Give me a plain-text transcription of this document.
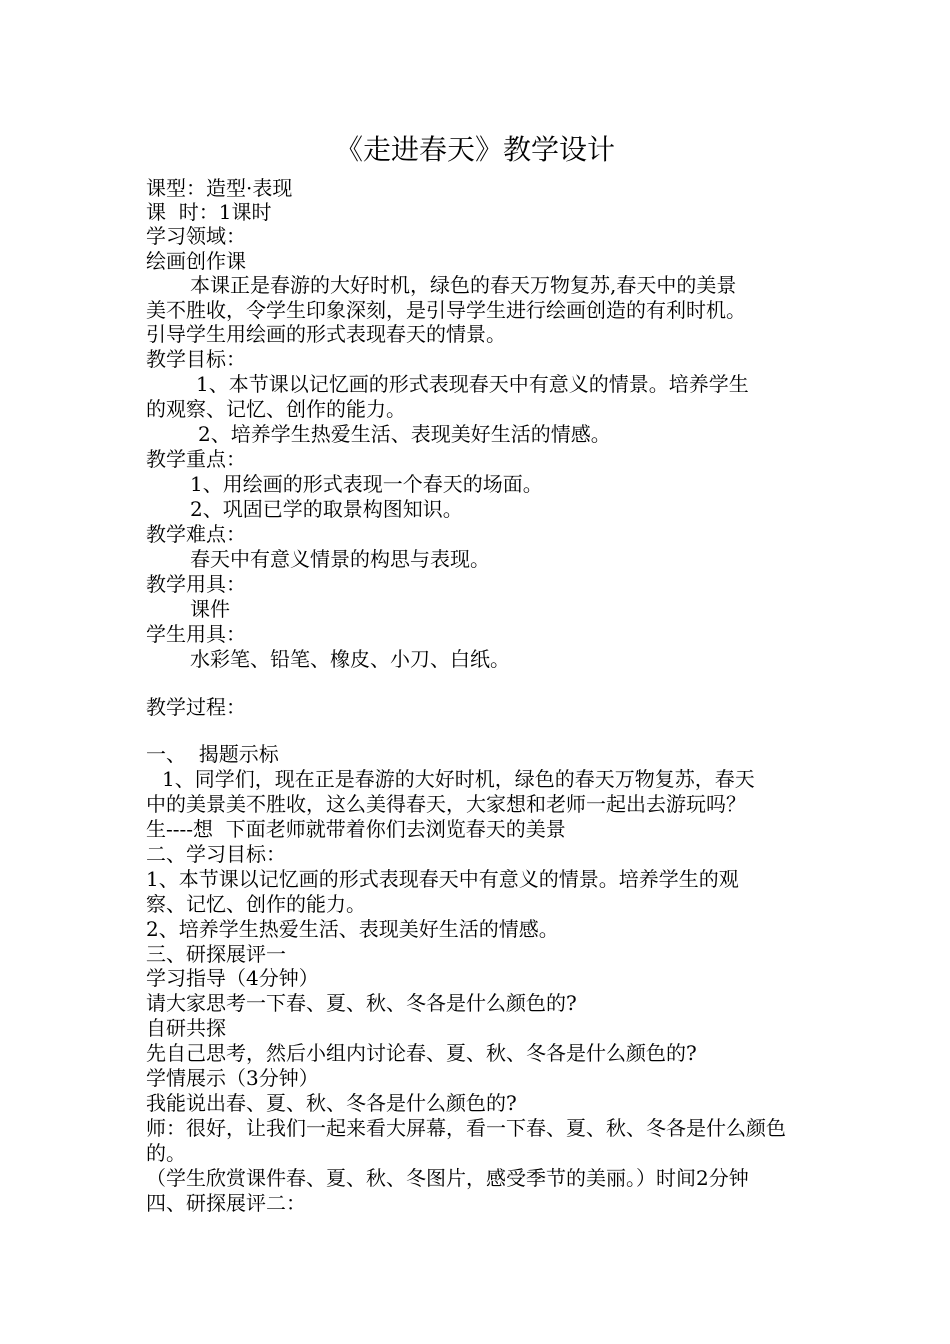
《走进春天》教学设计
课型：造型·表现
课  时：1课时
学习领域：
绘画创作课
本课正是春游的大好时机，绿色的春天万物复苏,春天中的美景
美不胜收，令学生印象深刻，是引导学生进行绘画创造的有利时机。
引导学生用绘画的形式表现春天的情景。
教学目标：
1、本节课以记忆画的形式表现春天中有意义的情景。培养学生
的观察、记忆、创作的能力。
2、培养学生热爱生活、表现美好生活的情感。
教学重点：
1、用绘画的形式表现一个春天的场面。
2、巩固已学的取景构图知识。
教学难点：
春天中有意义情景的构思与表现。
教学用具：
课件
学生用具：
水彩笔、铅笔、橡皮、小刀、白纸。
教学过程：
一、  揭题示标
1、同学们，现在正是春游的大好时机，绿色的春天万物复苏，春天
中的美景美不胜收，这么美得春天，大家想和老师一起出去游玩吗？
生----想  下面老师就带着你们去浏览春天的美景
二、学习目标：
1、本节课以记忆画的形式表现春天中有意义的情景。培养学生的观
察、记忆、创作的能力。
2、培养学生热爱生活、表现美好生活的情感。
三、研探展评一
学习指导（4分钟）
请大家思考一下春、夏、秋、冬各是什么颜色的?
自研共探
先自己思考，然后小组内讨论春、夏、秋、冬各是什么颜色的?
学情展示（3分钟）
我能说出春、夏、秋、冬各是什么颜色的?
师：很好，让我们一起来看大屏幕，看一下春、夏、秋、冬各是什么颜色
的。
（学生欣赏课件春、夏、秋、冬图片，感受季节的美丽。）时间2分钟
四、研探展评二：
